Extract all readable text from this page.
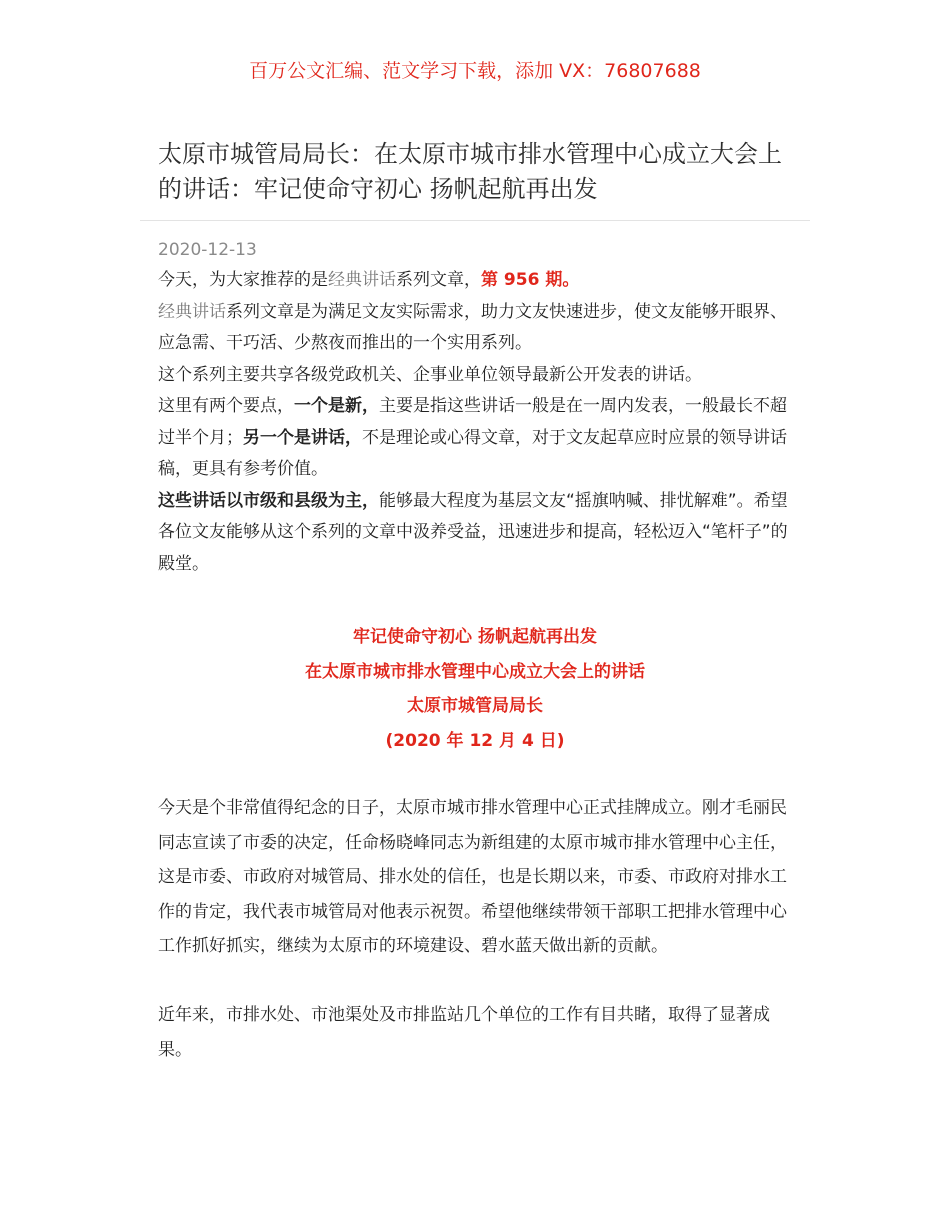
百万公文汇编、范文学习下载，添加 VX：76807688
太原市城管局局长：在太原市城市排水管理中心成立大会上的讲话：牢记使命守初心 扬帆起航再出发
2020-12-13

今天，为大家推荐的是经典讲话系列文章，第 956 期。

经典讲话系列文章是为满足文友实际需求，助力文友快速进步，使文友能够开眼界、应急需、干巧活、少熬夜而推出的一个实用系列。

这个系列主要共享各级党政机关、企事业单位领导最新公开发表的讲话。

这里有两个要点，一个是新，主要是指这些讲话一般是在一周内发表，一般最长不超过半个月；另一个是讲话，不是理论或心得文章，对于文友起草应时应景的领导讲话稿，更具有参考价值。

这些讲话以市级和县级为主，能够最大程度为基层文友“摇旗呐喊、排忧解难”。希望各位文友能够从这个系列的文章中汲养受益，迅速进步和提高，轻松迈入“笔杆子”的殿堂。

牢记使命守初心 扬帆起航再出发
在太原市城市排水管理中心成立大会上的讲话
太原市城管局局长
(2020 年 12 月 4 日)

今天是个非常值得纪念的日子，太原市城市排水管理中心正式挂牌成立。刚才毛丽民同志宣读了市委的决定，任命杨晓峰同志为新组建的太原市城市排水管理中心主任，这是市委、市政府对城管局、排水处的信任，也是长期以来，市委、市政府对排水工作的肯定，我代表市城管局对他表示祝贺。希望他继续带领干部职工把排水管理中心工作抓好抓实，继续为太原市的环境建设、碧水蓝天做出新的贡献。

近年来，市排水处、市池渠处及市排监站几个单位的工作有目共睹，取得了显著成果。
